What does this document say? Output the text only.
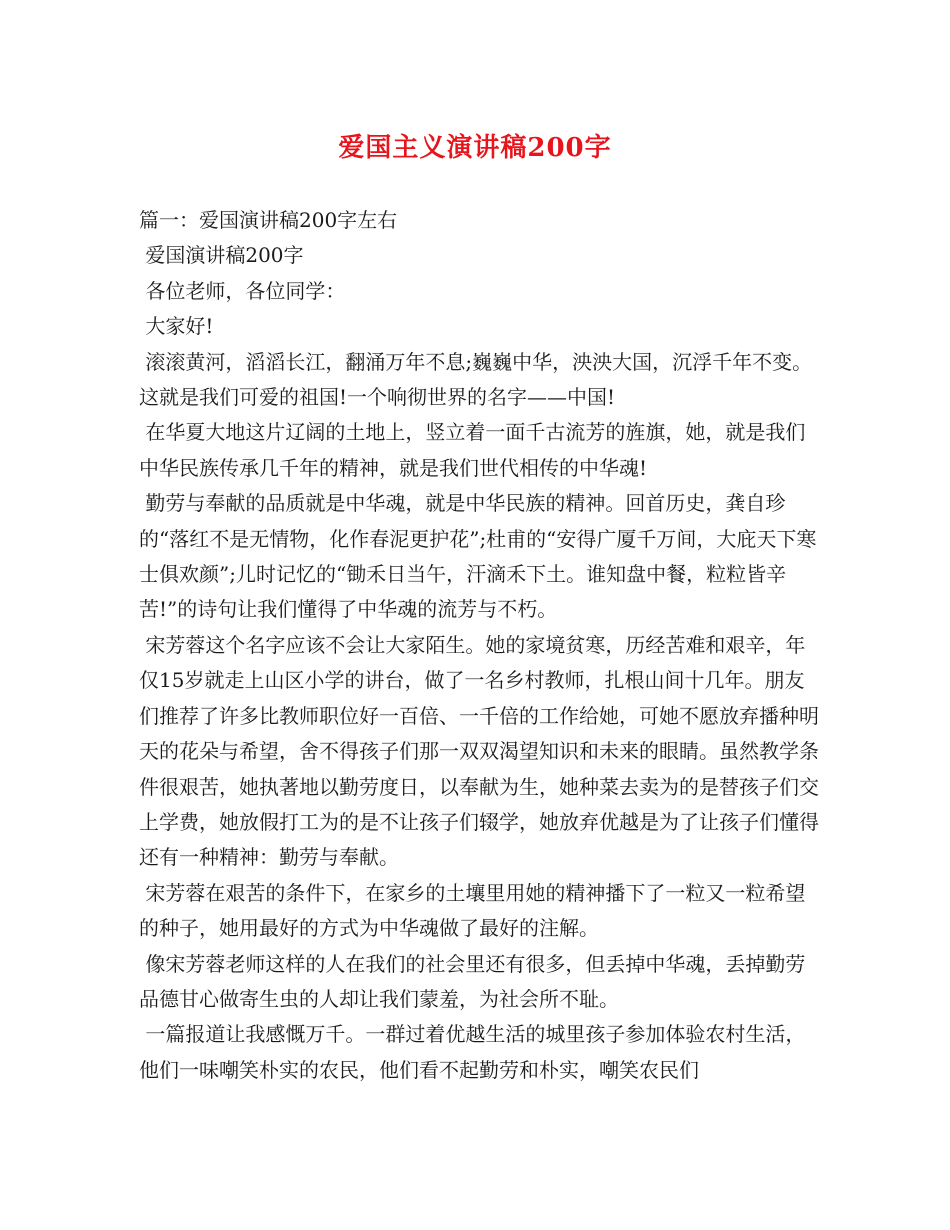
爱国主义演讲稿200字

篇一：爱国演讲稿200字左右

爱国演讲稿200字

各位老师，各位同学：

大家好!

滚滚黄河，滔滔长江，翻涌万年不息;巍巍中华，泱泱大国，沉浮千年不变。这就是我们可爱的祖国!一个响彻世界的名字——中国!

在华夏大地这片辽阔的土地上，竖立着一面千古流芳的旌旗，她，就是我们中华民族传承几千年的精神，就是我们世代相传的中华魂!

勤劳与奉献的品质就是中华魂，就是中华民族的精神。回首历史，龚自珍的“落红不是无情物，化作春泥更护花”;杜甫的“安得广厦千万间，大庇天下寒士俱欢颜”;儿时记忆的“锄禾日当午，汗滴禾下土。谁知盘中餐，粒粒皆辛苦!”的诗句让我们懂得了中华魂的流芳与不朽。

宋芳蓉这个名字应该不会让大家陌生。她的家境贫寒，历经苦难和艰辛，年仅15岁就走上山区小学的讲台，做了一名乡村教师，扎根山间十几年。朋友们推荐了许多比教师职位好一百倍、一千倍的工作给她，可她不愿放弃播种明天的花朵与希望，舍不得孩子们那一双双渴望知识和未来的眼睛。虽然教学条件很艰苦，她执著地以勤劳度日，以奉献为生，她种菜去卖为的是替孩子们交上学费，她放假打工为的是不让孩子们辍学，她放弃优越是为了让孩子们懂得还有一种精神：勤劳与奉献。

宋芳蓉在艰苦的条件下，在家乡的土壤里用她的精神播下了一粒又一粒希望的种子，她用最好的方式为中华魂做了最好的注解。

像宋芳蓉老师这样的人在我们的社会里还有很多，但丢掉中华魂，丢掉勤劳品德甘心做寄生虫的人却让我们蒙羞，为社会所不耻。

一篇报道让我感慨万千。一群过着优越生活的城里孩子参加体验农村生活，他们一味嘲笑朴实的农民，他们看不起勤劳和朴实，嘲笑农民们
